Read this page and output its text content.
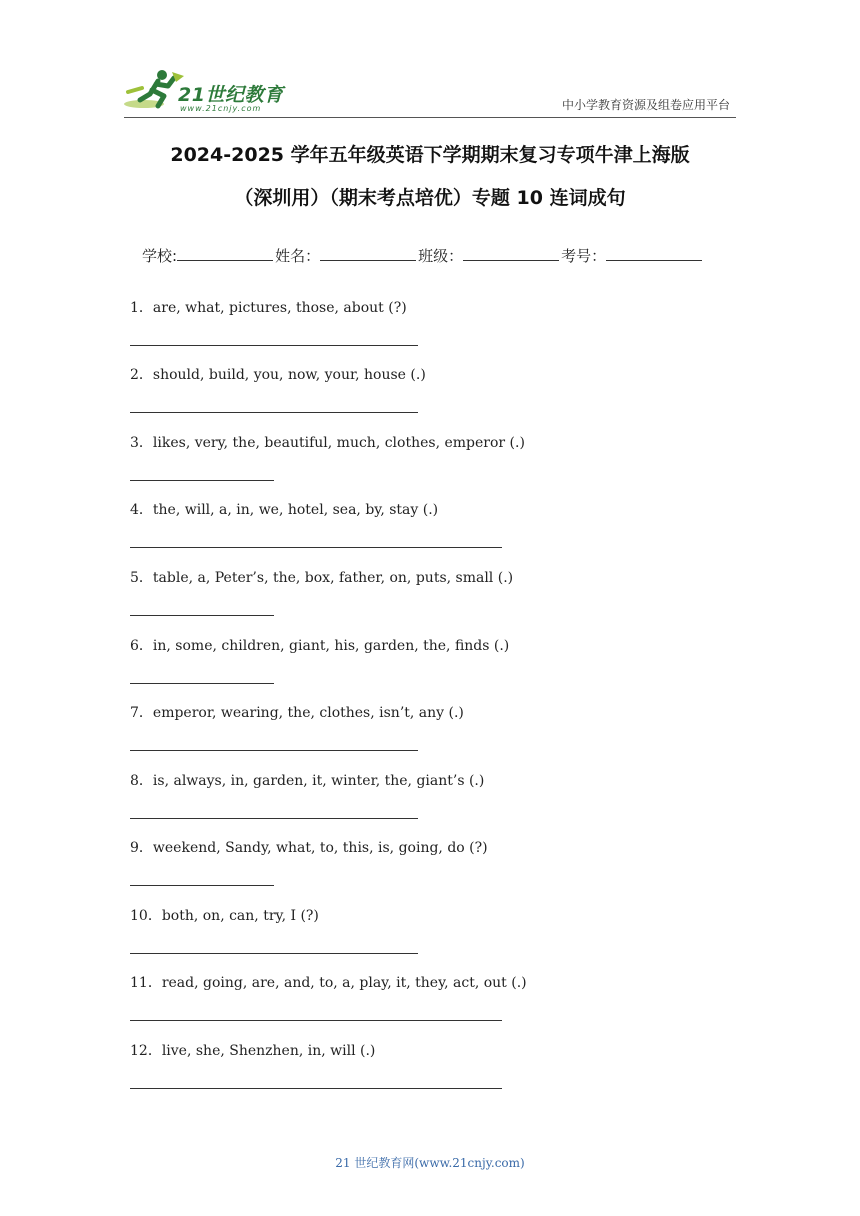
21世纪教育
www.21cnjy.com	中小学教育资源及组卷应用平台
2024-2025 学年五年级英语下学期期末复习专项牛津上海版
（深圳用）（期末考点培优）专题 10 连词成句
学校:	姓名：	班级：	考号：
1．are, what, pictures, those, about (?)
2．should, build, you, now, your, house (.)
3．likes, very, the, beautiful, much, clothes, emperor (.)
4．the, will, a, in, we, hotel, sea, by, stay (.)
5．table, a, Peter’s, the, box, father, on, puts, small (.)
6．in, some, children, giant, his, garden, the, finds (.)
7．emperor, wearing, the, clothes, isn’t, any (.)
8．is, always, in, garden, it, winter, the, giant’s (.)
9．weekend, Sandy, what, to, this, is, going, do (?)
10．both, on, can, try, I (?)
11．read, going, are, and, to, a, play, it, they, act, out (.)
12．live, she, Shenzhen, in, will (.)
21 世纪教育网(www.21cnjy.com)
